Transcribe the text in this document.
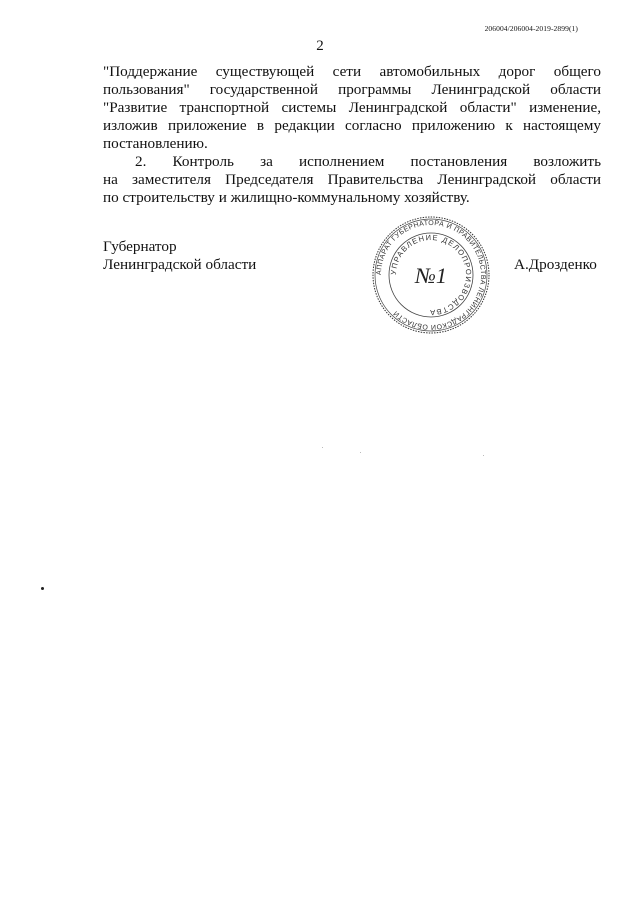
206004/206004-2019-2899(1)
2
"Поддержание существующей сети автомобильных дорог общего
пользования" государственной программы Ленинградской области
"Развитие транспортной системы Ленинградской области" изменение,
изложив приложение в редакции согласно приложению к настоящему
постановлению.
2. Контроль за исполнением постановления возложить
на заместителя Председателя Правительства Ленинградской области
по строительству и жилищно-коммунальному хозяйству.
Губернатор
Ленинградской области	А.Дрозденко
АППАРАТ ГУБЕРНАТОРА И ПРАВИТЕЛЬСТВА ЛЕНИНГРАДСКОЙ ОБЛАСТИ
УПРАВЛЕНИЕ ДЕЛОПРОИЗВОДСТВА
№1
